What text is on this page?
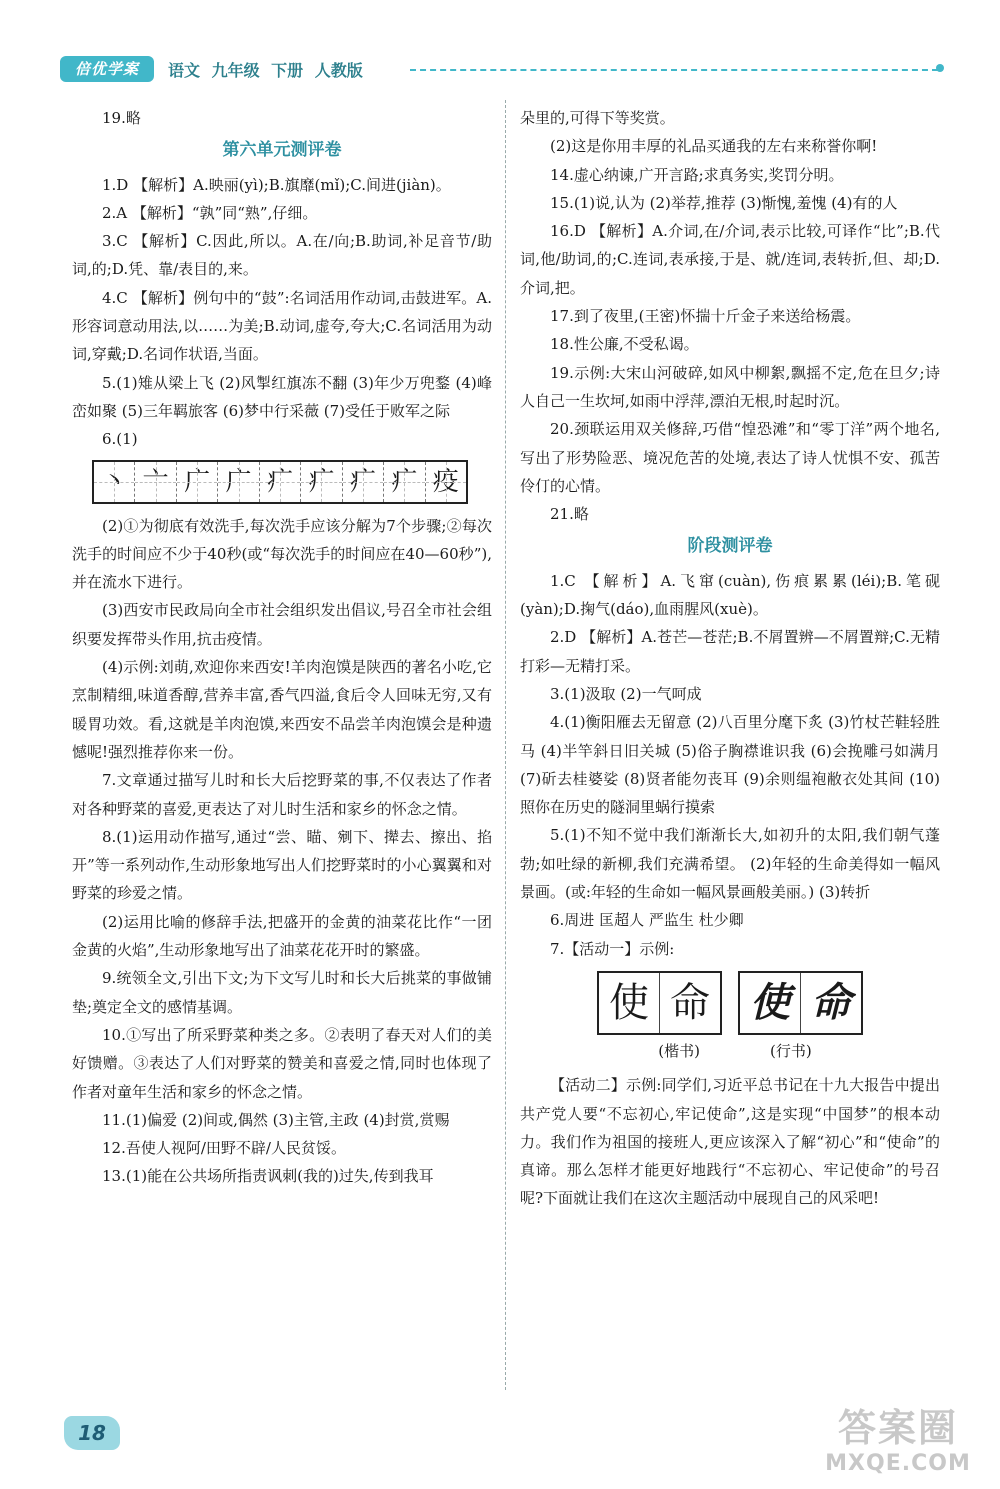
倍优学案	语文 九年级 下册 人教版

19.略

第六单元测评卷

1.D 【解析】A.映丽(yì);B.旗靡(mǐ);C.间进(jiàn)。

2.A 【解析】“孰”同“熟”,仔细。

3.C 【解析】C.因此,所以。A.在/向;B.助词,补足音节/助词,的;D.凭、靠/表目的,来。

4.C 【解析】例句中的“鼓”:名词活用作动词,击鼓进军。A.形容词意动用法,以……为美;B.动词,虚夸,夸大;C.名词活用为动词,穿戴;D.名词作状语,当面。

5.(1)雉从梁上飞 (2)风掣红旗冻不翻 (3)年少万兜鍪 (4)峰峦如聚 (5)三年羁旅客 (6)梦中行采薇 (7)受任于败军之际

6.(1)

丶 亠 广 广 疒 疒 疒 疒 疫

(2)①为彻底有效洗手,每次洗手应该分解为7个步骤;②每次洗手的时间应不少于40秒(或“每次洗手的时间应在40—60秒”),并在流水下进行。

(3)西安市民政局向全市社会组织发出倡议,号召全市社会组织要发挥带头作用,抗击疫情。

(4)示例:刘萌,欢迎你来西安!羊肉泡馍是陕西的著名小吃,它烹制精细,味道香醇,营养丰富,香气四溢,食后令人回味无穷,又有暖胃功效。看,这就是羊肉泡馍,来西安不品尝羊肉泡馍会是种遗憾呢!强烈推荐你来一份。

7.文章通过描写儿时和长大后挖野菜的事,不仅表达了作者对各种野菜的喜爱,更表达了对儿时生活和家乡的怀念之情。

8.(1)运用动作描写,通过“尝、瞄、剜下、撵去、擦出、掐开”等一系列动作,生动形象地写出人们挖野菜时的小心翼翼和对野菜的珍爱之情。

(2)运用比喻的修辞手法,把盛开的金黄的油菜花比作“一团金黄的火焰”,生动形象地写出了油菜花花开时的繁盛。

9.统领全文,引出下文;为下文写儿时和长大后挑菜的事做铺垫;奠定全文的感情基调。

10.①写出了所采野菜种类之多。②表明了春天对人们的美好馈赠。③表达了人们对野菜的赞美和喜爱之情,同时也体现了作者对童年生活和家乡的怀念之情。

11.(1)偏爱 (2)间或,偶然 (3)主管,主政 (4)封赏,赏赐

12.吾使人视阿/田野不辟/人民贫馁。

13.(1)能在公共场所指责讽刺(我的)过失,传到我耳

朵里的,可得下等奖赏。

(2)这是你用丰厚的礼品买通我的左右来称誉你啊!

14.虚心纳谏,广开言路;求真务实,奖罚分明。

15.(1)说,认为 (2)举荐,推荐 (3)惭愧,羞愧 (4)有的人

16.D 【解析】A.介词,在/介词,表示比较,可译作“比”;B.代词,他/助词,的;C.连词,表承接,于是、就/连词,表转折,但、却;D.介词,把。

17.到了夜里,(王密)怀揣十斤金子来送给杨震。

18.性公廉,不受私谒。

19.示例:大宋山河破碎,如风中柳絮,飘摇不定,危在旦夕;诗人自己一生坎坷,如雨中浮萍,漂泊无根,时起时沉。

20.颈联运用双关修辞,巧借“惶恐滩”和“零丁洋”两个地名,写出了形势险恶、境况危苦的处境,表达了诗人忧惧不安、孤苦伶仃的心情。

21.略

阶段测评卷

1.C 【解析】A.飞窜(cuàn),伤痕累累(léi);B.笔砚(yàn);D.掬气(dáo),血雨腥风(xuè)。

2.D 【解析】A.苍芒—苍茫;B.不屑置辨—不屑置辩;C.无精打彩—无精打采。

3.(1)汲取 (2)一气呵成

4.(1)衡阳雁去无留意 (2)八百里分麾下炙 (3)竹杖芒鞋轻胜马 (4)半竿斜日旧关城 (5)俗子胸襟谁识我 (6)会挽雕弓如满月 (7)斫去桂婆娑 (8)贤者能勿丧耳 (9)余则缊袍敝衣处其间 (10)照你在历史的隧洞里蜗行摸索

5.(1)不知不觉中我们渐渐长大,如初升的太阳,我们朝气蓬勃;如吐绿的新柳,我们充满希望。 (2)年轻的生命美得如一幅风景画。(或:年轻的生命如一幅风景画般美丽。) (3)转折

6.周进 匡超人 严监生 杜少卿

7.【活动一】示例:

使 命 使 命
(楷书)	(行书)

【活动二】示例:同学们,习近平总书记在十九大报告中提出共产党人要“不忘初心,牢记使命”,这是实现“中国梦”的根本动力。我们作为祖国的接班人,更应该深入了解“初心”和“使命”的真谛。那么怎样才能更好地践行“不忘初心、牢记使命”的号召呢?下面就让我们在这次主题活动中展现自己的风采吧!

18	答案圈
MXQE.COM
